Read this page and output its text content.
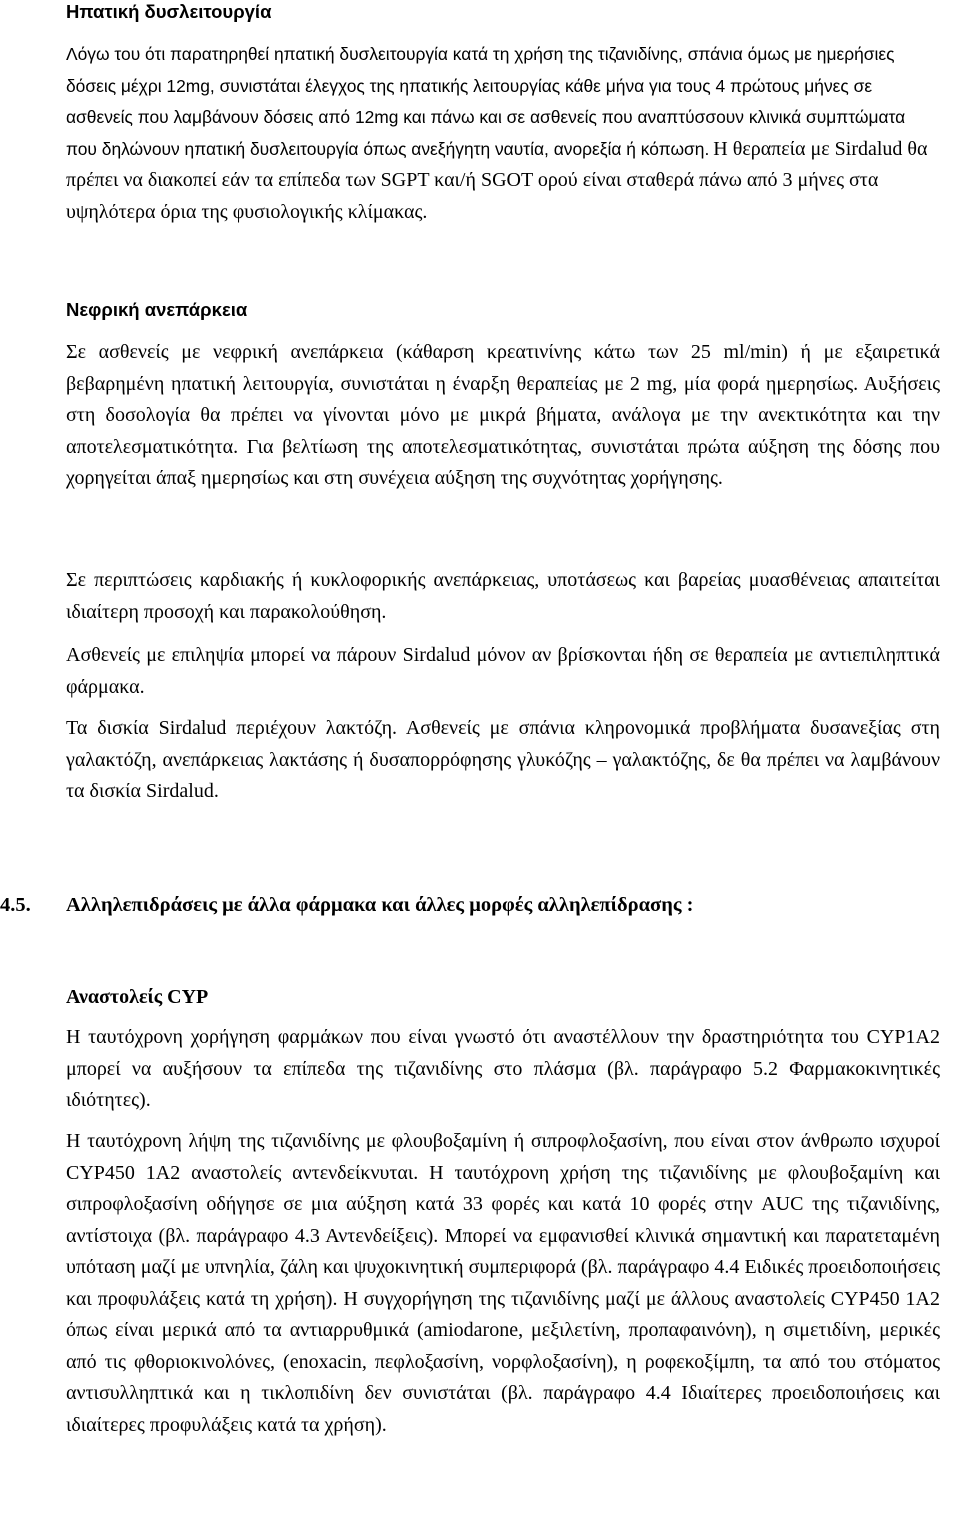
Ηπατική δυσλειτουργία

Λόγω του ότι παρατηρηθεί ηπατική δυσλειτουργία κατά τη χρήση της τιζανιδίνης, σπάνια όμως με ημερήσιες δόσεις μέχρι 12mg, συνιστάται έλεγχος της ηπατικής λειτουργίας κάθε μήνα για τους 4 πρώτους μήνες σε ασθενείς που λαμβάνουν δόσεις από 12mg και πάνω και σε ασθενείς που αναπτύσσουν κλινικά συμπτώματα που δηλώνουν ηπατική δυσλειτουργία όπως ανεξήγητη ναυτία, ανορεξία ή κόπωση. Η θεραπεία με Sirdalud θα πρέπει να διακοπεί εάν τα επίπεδα των SGPT και/ή SGOT ορού είναι σταθερά πάνω από 3 μήνες στα υψηλότερα όρια της φυσιολογικής κλίμακας.
Νεφρική ανεπάρκεια
Σε ασθενείς με νεφρική ανεπάρκεια (κάθαρση κρεατινίνης κάτω των 25 ml/min) ή με εξαιρετικά βεβαρημένη ηπατική λειτουργία, συνιστάται η έναρξη θεραπείας με 2 mg, μία φορά ημερησίως. Αυξήσεις στη δοσολογία θα πρέπει να γίνονται μόνο με μικρά βήματα, ανάλογα με την ανεκτικότητα και την αποτελεσματικότητα. Για βελτίωση της αποτελεσματικότητας, συνιστάται πρώτα αύξηση της δόσης που χορηγείται άπαξ ημερησίως και στη συνέχεια αύξηση της συχνότητας χορήγησης.

Σε περιπτώσεις καρδιακής ή κυκλοφορικής ανεπάρκειας, υποτάσεως και βαρείας μυασθένειας απαιτείται ιδιαίτερη προσοχή και παρακολούθηση.

Ασθενείς με επιληψία μπορεί να πάρουν Sirdalud μόνον αν βρίσκονται ήδη σε θεραπεία με αντιεπιληπτικά φάρμακα.

Τα δισκία Sirdalud περιέχουν λακτόζη. Ασθενείς με σπάνια κληρονομικά προβλήματα δυσανεξίας στη γαλακτόζη, ανεπάρκειας λακτάσης ή δυσαπορρόφησης γλυκόζης – γαλακτόζης, δε θα πρέπει να λαμβάνουν τα δισκία Sirdalud.
4.5. Αλληλεπιδράσεις με άλλα φάρμακα και άλλες μορφές αλληλεπίδρασης :
Αναστολείς CYP

Η ταυτόχρονη χορήγηση φαρμάκων που είναι γνωστό ότι αναστέλλουν την δραστηριότητα του CYP1A2 μπορεί να αυξήσουν τα επίπεδα της τιζανιδίνης στο πλάσμα (βλ. παράγραφο 5.2 Φαρμακοκινητικές ιδιότητες).

Η ταυτόχρονη λήψη της τιζανιδίνης με φλουβοξαμίνη ή σιπροφλοξασίνη, που είναι στον άνθρωπο ισχυροί CYP450 1A2 αναστολείς αντενδείκνυται. Η ταυτόχρονη χρήση της τιζανιδίνης με φλουβοξαμίνη και σιπροφλοξασίνη οδήγησε σε μια αύξηση κατά 33 φορές και κατά 10 φορές στην AUC της τιζανιδίνης, αντίστοιχα (βλ. παράγραφο 4.3 Αντενδείξεις). Μπορεί να εμφανισθεί κλινικά σημαντική και παρατεταμένη υπόταση μαζί με υπνηλία, ζάλη και ψυχοκινητική συμπεριφορά (βλ. παράγραφο 4.4 Ειδικές προειδοποιήσεις και προφυλάξεις κατά τη χρήση). Η συγχορήγηση της τιζανιδίνης μαζί με άλλους αναστολείς CYP450 1A2 όπως είναι μερικά από τα αντιαρρυθμικά (amiodarone, μεξιλετίνη, προπαφαινόνη), η σιμετιδίνη, μερικές από τις φθοριοκινολόνες, (enoxacin, πεφλοξασίνη, νορφλοξασίνη), η ροφεκοξίμπη, τα από του στόματος αντισυλληπτικά και η τικλοπιδίνη δεν συνιστάται (βλ. παράγραφο 4.4 Ιδιαίτερες προειδοποιήσεις και ιδιαίτερες προφυλάξεις κατά τα χρήση).
